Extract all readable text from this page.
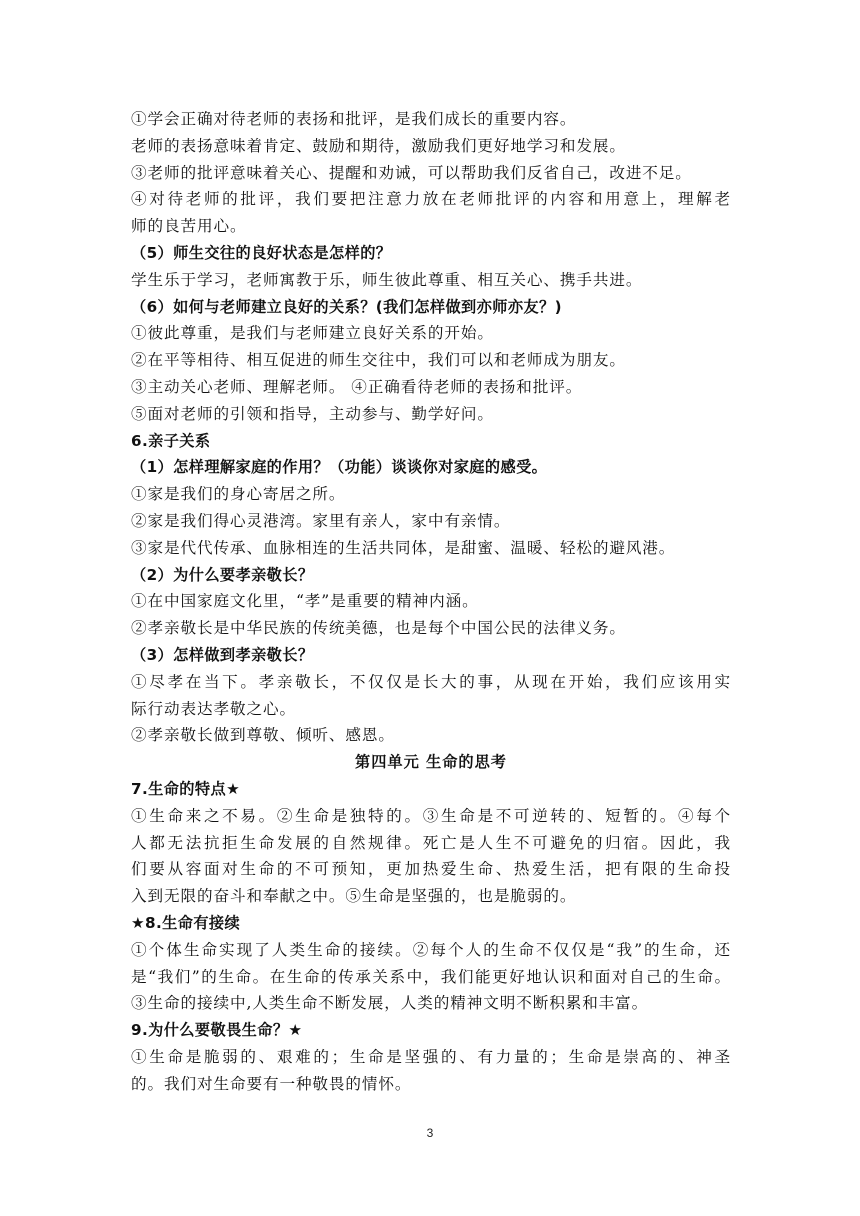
①学会正确对待老师的表扬和批评，是我们成长的重要内容。
老师的表扬意味着肯定、鼓励和期待，激励我们更好地学习和发展。
③老师的批评意味着关心、提醒和劝诫，可以帮助我们反省自己，改进不足。
④对待老师的批评，我们要把注意力放在老师批评的内容和用意上，理解老
师的良苦用心。
（5）师生交往的良好状态是怎样的？
学生乐于学习，老师寓教于乐，师生彼此尊重、相互关心、携手共进。
（6）如何与老师建立良好的关系？(我们怎样做到亦师亦友？)
①彼此尊重，是我们与老师建立良好关系的开始。
②在平等相待、相互促进的师生交往中，我们可以和老师成为朋友。
③主动关心老师、理解老师。 ④正确看待老师的表扬和批评。
⑤面对老师的引领和指导，主动参与、勤学好问。
6.亲子关系
（1）怎样理解家庭的作用？（功能）谈谈你对家庭的感受。
①家是我们的身心寄居之所。
②家是我们得心灵港湾。家里有亲人，家中有亲情。
③家是代代传承、血脉相连的生活共同体，是甜蜜、温暖、轻松的避风港。
（2）为什么要孝亲敬长？
①在中国家庭文化里，“孝”是重要的精神内涵。
②孝亲敬长是中华民族的传统美德，也是每个中国公民的法律义务。
（3）怎样做到孝亲敬长？
①尽孝在当下。孝亲敬长，不仅仅是长大的事，从现在开始，我们应该用实
际行动表达孝敬之心。
②孝亲敬长做到尊敬、倾听、感恩。
第四单元 生命的思考
7.生命的特点★
①生命来之不易。②生命是独特的。③生命是不可逆转的、短暂的。④每个
人都无法抗拒生命发展的自然规律。死亡是人生不可避免的归宿。因此，我
们要从容面对生命的不可预知，更加热爱生命、热爱生活，把有限的生命投
入到无限的奋斗和奉献之中。⑤生命是坚强的，也是脆弱的。
★8.生命有接续
①个体生命实现了人类生命的接续。②每个人的生命不仅仅是“我”的生命，还
是“我们”的生命。在生命的传承关系中，我们能更好地认识和面对自己的生命。
③生命的接续中,人类生命不断发展，人类的精神文明不断积累和丰富。
9.为什么要敬畏生命？★
①生命是脆弱的、艰难的；生命是坚强的、有力量的；生命是崇高的、神圣
的。我们对生命要有一种敬畏的情怀。
3
